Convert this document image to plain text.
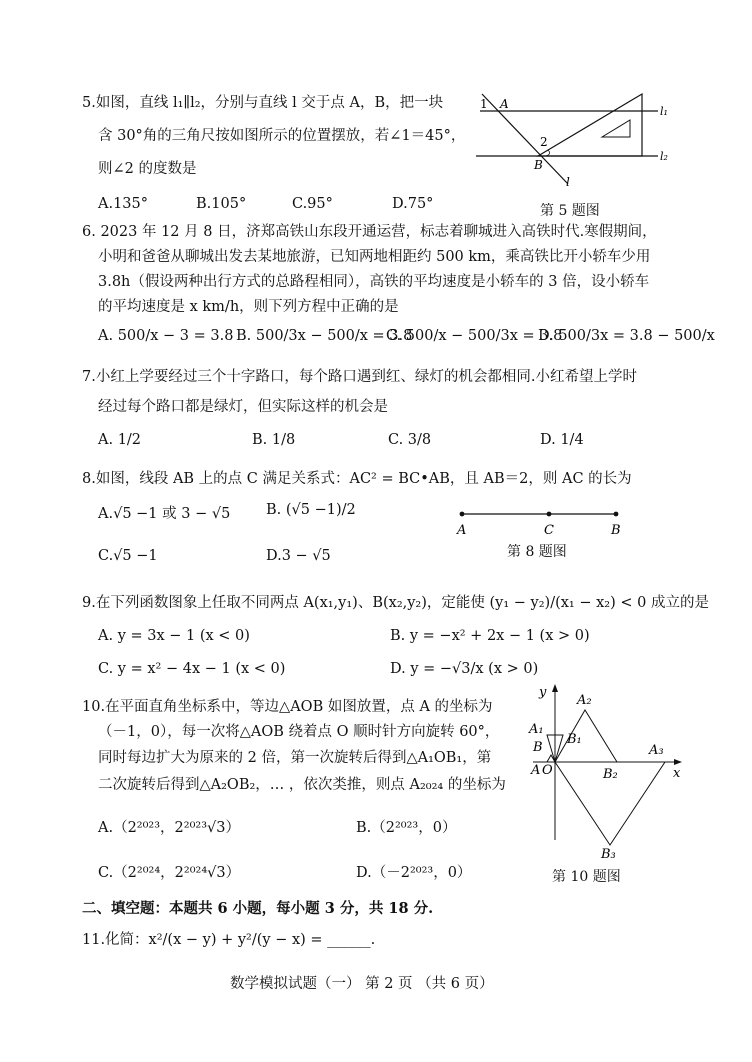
5.如图，直线 l₁∥l₂，分别与直线 l 交于点 A，B，把一块
含 30°角的三角尺按如图所示的位置摆放，若∠1＝45°，
则∠2 的度数是
A.135°	B.105°	C.95°	D.75°
1 A
2
B
l₁
l₂
l
第 5 题图
6. 2023 年 12 月 8 日，济郑高铁山东段开通运营，标志着聊城进入高铁时代.寒假期间，
小明和爸爸从聊城出发去某地旅游，已知两地相距约 500 km，乘高铁比开小轿车少用
3.8h（假设两种出行方式的总路程相同），高铁的平均速度是小轿车的 3 倍，设小轿车
的平均速度是 x km/h，则下列方程中正确的是
A. 500/x − 3 = 3.8 B. 500/3x − 500/x = 3.8
C. 500/x − 500/3x = 3.8
D. 500/3x = 3.8 − 500/x
7.小红上学要经过三个十字路口，每个路口遇到红、绿灯的机会都相同.小红希望上学时
经过每个路口都是绿灯，但实际这样的机会是
A. 1/2	B. 1/8	C. 3/8	D. 1/4
8.如图，线段 AB 上的点 C 满足关系式：AC² = BC•AB，且 AB＝2，则 AC 的长为
A.√5 −1 或 3 − √5 B. (√5 −1)/2
C.√5 −1	D.3 − √5
A	C	B
第 8 题图
9.在下列函数图象上任取不同两点 A(x₁,y₁)、B(x₂,y₂)，定能使 (y₁ − y₂)/(x₁ − x₂) < 0 成立的是
A. y = 3x − 1 (x < 0)	B. y = −x² + 2x − 1 (x > 0)
C. y = x² − 4x − 1 (x < 0)	D. y = −√3/x (x > 0)
10.在平面直角坐标系中，等边△AOB 如图放置，点 A 的坐标为
（－1，0），每一次将△AOB 绕着点 O 顺时针方向旋转 60°，
同时每边扩大为原来的 2 倍，第一次旋转后得到△A₁OB₁，第
二次旋转后得到△A₂OB₂，… ，依次类推，则点 A₂₀₂₄ 的坐标为
A.（2²⁰²³，2²⁰²³√3）	B.（2²⁰²³，0）
C.（2²⁰²⁴，2²⁰²⁴√3）	D.（－2²⁰²³，0）
y
x
A O
B
A₁
B₁
A₂
B₂
A₃
B₃
第 10 题图
二、填空题：本题共 6 小题，每小题 3 分，共 18 分.
11.化简：x²/(x − y) + y²/(y − x) = ______.
数学模拟试题（一） 第 2 页 （共 6 页）
